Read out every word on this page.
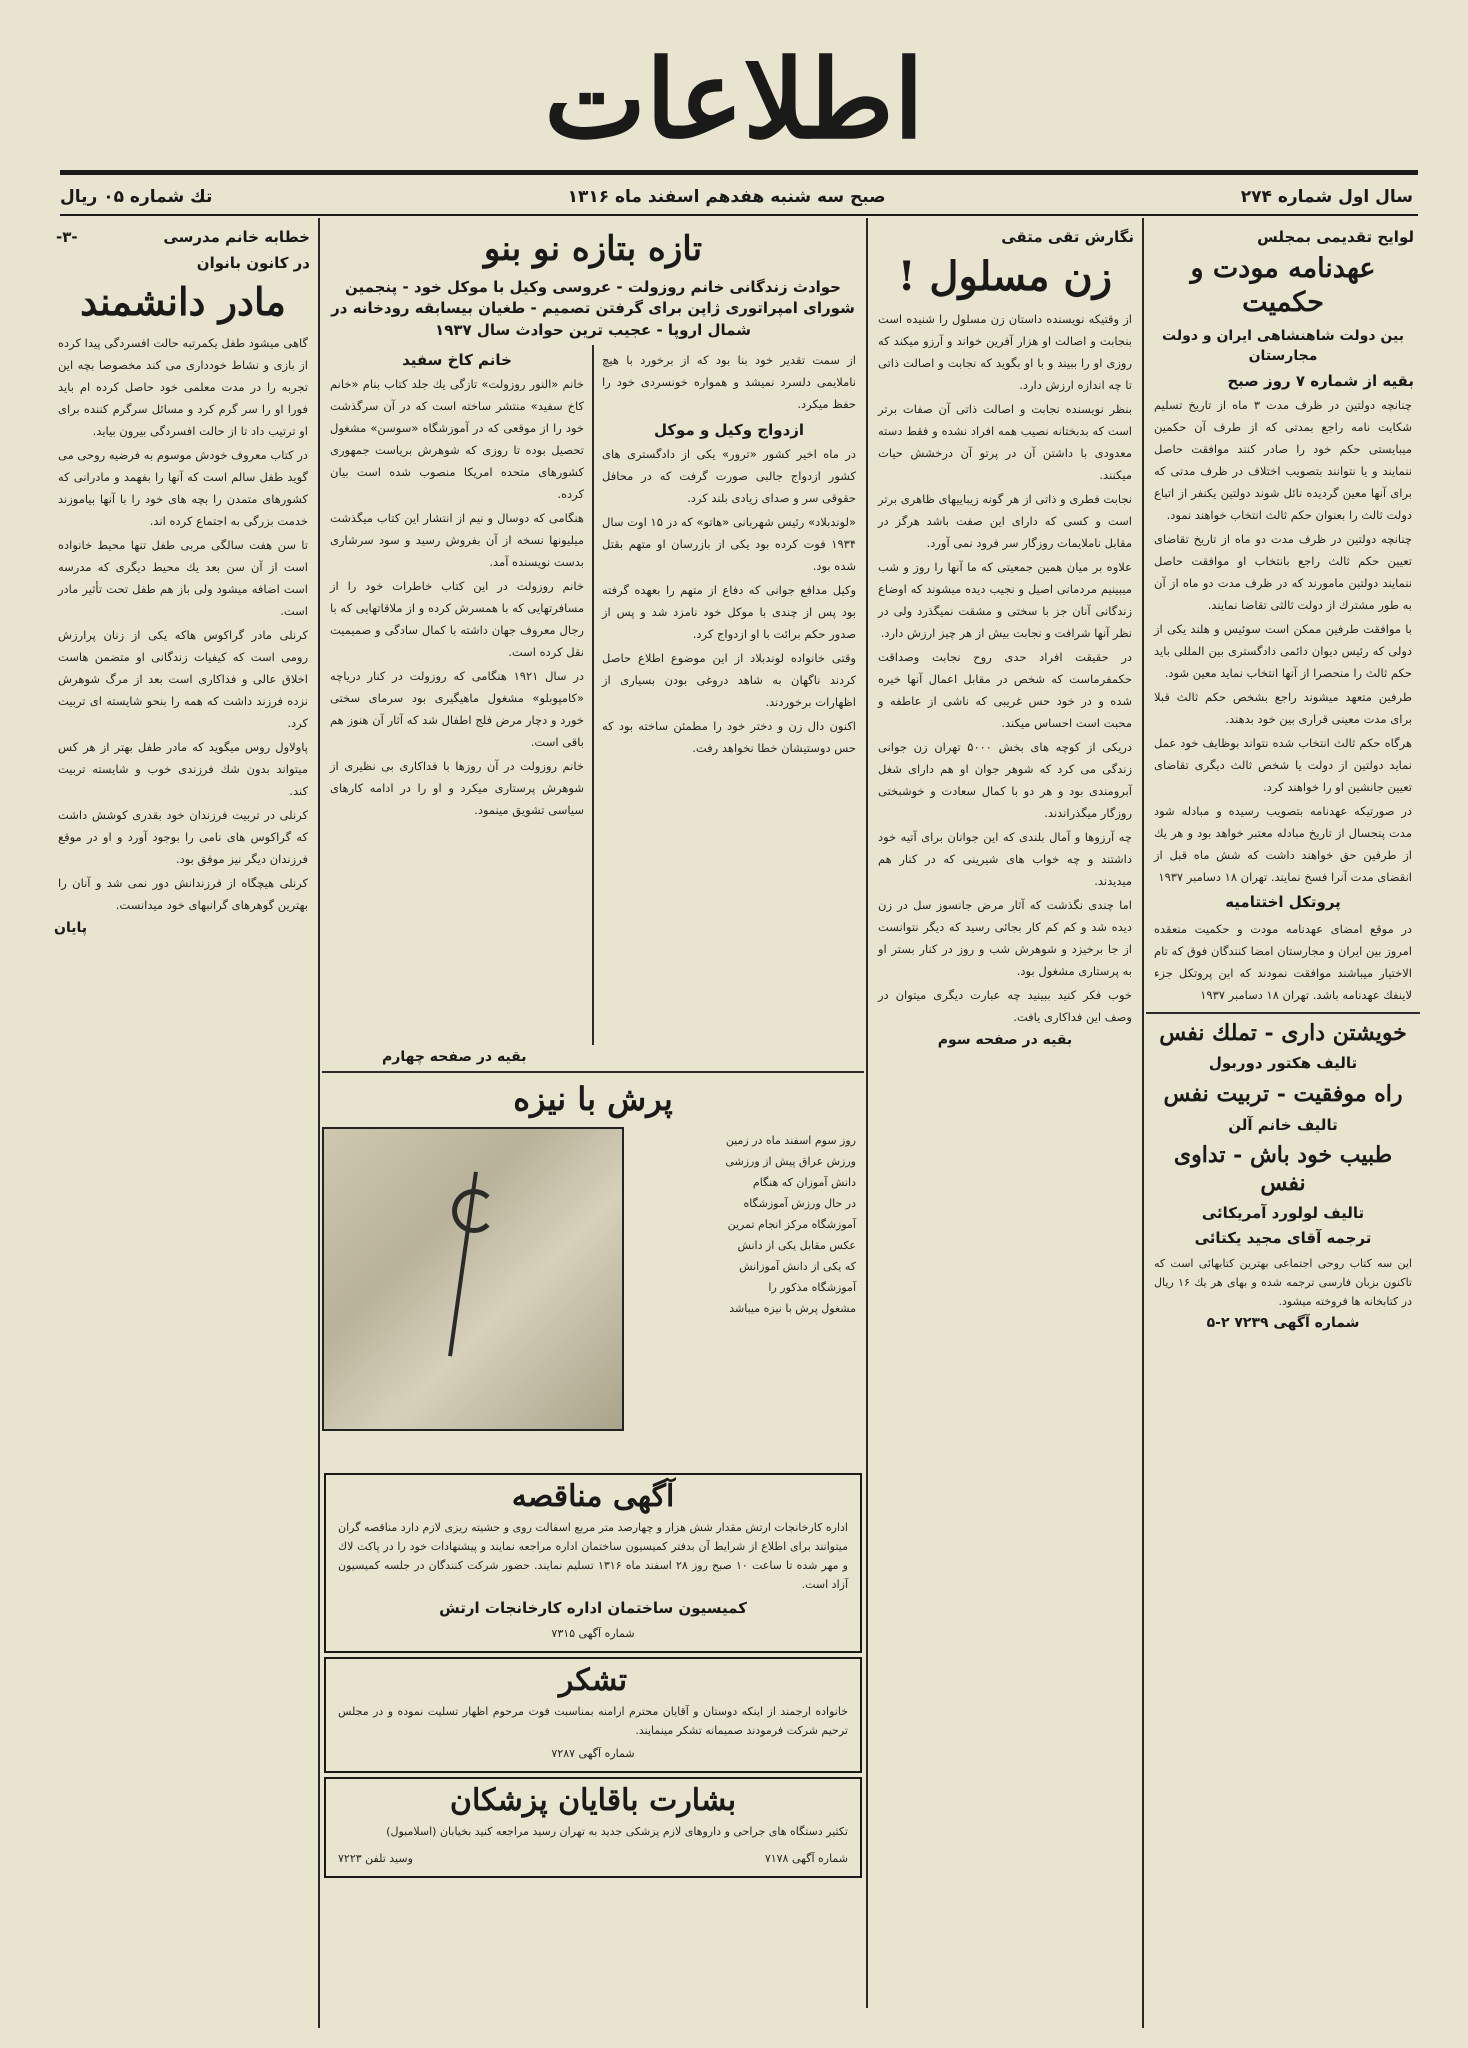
اطلاعات
سال اول شماره ۲۷۴
صبح سه شنبه هفدهم اسفند ماه ۱۳۱۶
تك شماره ۰۵ ریال
لوایح تقدیمی بمجلس
عهدنامه مودت و حکمیت
بین دولت شاهنشاهی ایران و دولت مجارستان
بقیه از شماره ۷ روز صبح

چنانچه دولتین در ظرف مدت ۳ ماه از تاریخ تسلیم شکایت نامه راجع بمدتی که از طرف آن حکمین میبایستی حکم خود را صادر کنند موافقت حاصل ننمایند و یا نتوانند بتصویب اختلاف در ظرف مدتی که برای آنها معین گردیده نائل شوند دولتین یکنفر از اتباع دولت ثالث را بعنوان حکم ثالث انتخاب خواهند نمود.

چنانچه دولتین در ظرف مدت دو ماه از تاریخ تقاضای تعیین حکم ثالث راجع بانتخاب او موافقت حاصل ننمایند دولتین مامورند که در ظرف مدت دو ماه از آن به طور مشترك از دولت ثالثی تقاضا نمایند.

با موافقت طرفین ممکن است سوئیس و هلند یکی از دولی که رئیس دیوان دائمی دادگستری بین المللی باید حکم ثالث را منحصرا از آنها انتخاب نماید معین شود.

طرفین متعهد میشوند راجع بشخص حکم ثالث قبلا برای مدت معینی قراری بین خود بدهند.

هرگاه حکم ثالث انتخاب شده نتواند بوظایف خود عمل نماید دولتین از دولت یا شخص ثالث دیگری تقاضای تعیین جانشین او را خواهند کرد.

در صورتیکه عهدنامه بتصویب رسیده و مبادله شود مدت پنجسال از تاریخ مبادله معتبر خواهد بود و هر یك از طرفین حق خواهند داشت که شش ماه قبل از انقضای مدت آنرا فسخ نمایند. تهران ۱۸ دسامبر ۱۹۳۷

پروتکل اختتامیه

در موقع امضای عهدنامه مودت و حکمیت منعقده امروز بین ایران و مجارستان امضا کنندگان فوق که تام الاختیار میباشند موافقت نمودند که این پروتکل جزء لاینفك عهدنامه باشد. تهران ۱۸ دسامبر ۱۹۳۷

خویشتن داری - تملك نفس
تالیف هکتور دوربول
راه موفقیت - تربیت نفس
تالیف خانم آلن
طبیب خود باش - تداوی نفس
تالیف لولورد آمریکائی
ترجمه آقای مجید یکتائی
این سه کتاب روحی اجتماعی بهترین کتابهائی است که تاکنون بزبان فارسی ترجمه شده و بهای هر یك ۱۶ ریال در کتابخانه ها فروخته میشود.
شماره آگهی ۷۲۳۹ ۲-۵
نگارش تقی متقی
زن مسلول !

از وقتیکه نویسنده داستان زن مسلول را شنیده است بنجابت و اصالت او هزار آفرین خواند و آرزو میکند که روزی او را ببیند و با او بگوید که نجابت و اصالت ذاتی تا چه اندازه ارزش دارد.

بنظر نویسنده نجابت و اصالت ذاتی آن صفات برتر است که بدبختانه نصیب همه افراد نشده و فقط دسته معدودی با داشتن آن در پرتو آن درخشش حیات میکنند.

نجابت فطری و ذاتی از هر گونه زیباییهای ظاهری برتر است و کسی که دارای این صفت باشد هرگز در مقابل ناملایمات روزگار سر فرود نمی آورد.

علاوه بر میان همین جمعیتی که ما آنها را روز و شب میبینیم مردمانی اصیل و نجیب دیده میشوند که اوضاع زندگانی آنان جز با سختی و مشقت نمیگذرد ولی در نظر آنها شرافت و نجابت بیش از هر چیز ارزش دارد.

در حقیقت افراد حدی روح نجابت وصداقت حکمفرماست که شخص در مقابل اعمال آنها خیره شده و در خود حس غریبی که ناشی از عاطفه و محبت است احساس میکند.

دریکی از کوچه های بخش ۵۰۰۰ تهران زن جوانی زندگی می کرد که شوهر جوان او هم دارای شغل آبرومندی بود و هر دو با کمال سعادت و خوشبختی روزگار میگذراندند.

چه آرزوها و آمال بلندی که این جوانان برای آتیه خود داشتند و چه خواب های شیرینی که در کنار هم میدیدند.

اما چندی نگذشت که آثار مرض جانسوز سل در زن دیده شد و کم کم کار بجائی رسید که دیگر نتوانست از جا برخیزد و شوهرش شب و روز در کنار بستر او به پرستاری مشغول بود.

خوب فکر کنید ببینید چه عبارت دیگری میتوان در وصف این فداکاری یافت.

بقیه در صفحه سوم
تازه بتازه نو بنو
حوادث زندگانی خانم روزولت - عروسی وکیل با موکل خود - پنجمین شورای امپراتوری ژاپن برای گرفتن تصمیم - طغیان بیسابقه رودخانه در شمال اروپا - عجیب ترین حوادث سال ۱۹۳۷
از سمت تقدیر خود بنا بود که از برخورد با هیچ ناملایمی دلسرد نمیشد و همواره خونسردی خود را حفظ میکرد.
ازدواج وکیل و موکل

در ماه اخیر کشور «ترور» یکی از دادگستری های کشور ازدواج جالبی صورت گرفت که در محافل حقوقی سر و صدای زیادی بلند کرد.

«لوندبلاد» رئیس شهربانی «هاتو» که در ۱۵ اوت سال ۱۹۳۴ فوت کرده بود یکی از بازرسان او متهم بقتل شده بود.

وکیل مدافع جوانی که دفاع از متهم را بعهده گرفته بود پس از چندی با موکل خود نامزد شد و پس از صدور حکم برائت با او ازدواج کرد.

وقتی خانواده لوندبلاد از این موضوع اطلاع حاصل کردند ناگهان به شاهد دروغی بودن بسیاری از اظهارات برخوردند.

اکنون دال زن و دختر خود را مطمئن ساخته بود که حس دوستیشان خطا نخواهد رفت.

خانم کاخ سفید

خانم «النور روزولت» تازگی یك جلد کتاب بنام «خانم کاخ سفید» منتشر ساخته است که در آن سرگذشت خود را از موقعی که در آموزشگاه «سوسن» مشغول تحصیل بوده تا روزی که شوهرش بریاست جمهوری کشورهای متحده امریکا منصوب شده است بیان کرده.

هنگامی که دوسال و نیم از انتشار این کتاب میگذشت میلیونها نسخه از آن بفروش رسید و سود سرشاری بدست نویسنده آمد.

خانم روزولت در این کتاب خاطرات خود را از مسافرتهایی که با همسرش کرده و از ملاقاتهایی که با رجال معروف جهان داشته با کمال سادگی و صمیمیت نقل کرده است.

در سال ۱۹۲۱ هنگامی که روزولت در کنار دریاچه «کامپوبلو» مشغول ماهیگیری بود سرمای سختی خورد و دچار مرض فلج اطفال شد که آثار آن هنوز هم باقی است.

خانم روزولت در آن روزها با فداکاری بی نظیری از شوهرش پرستاری میکرد و او را در ادامه کارهای سیاسی تشویق مینمود.

بقیه در صفحه چهارم
پرش با نیزه

روز سوم اسفند ماه در زمین

ورزش عراق پیش از ورزشی

دانش آموزان که هنگام

در حال ورزش آموزشگاه

آموزشگاه مرکز انجام تمرین

عکس مقابل یکی از دانش

که یکی از دانش آموزانش

آموزشگاه مذکور را

مشغول پرش با نیزه میباشد

آگهی مناقصه
اداره کارخانجات ارتش مقدار شش هزار و چهارصد متر مربع اسفالت روی و حشیته ریزی لازم دارد مناقصه گران میتوانند برای اطلاع از شرایط آن بدفتر کمیسیون ساختمان اداره مراجعه نمایند و پیشنهادات خود را در پاکت لاك و مهر شده تا ساعت ۱۰ صبح روز ۲۸ اسفند ماه ۱۳۱۶ تسلیم نمایند. حضور شرکت کنندگان در جلسه کمیسیون آزاد است.
کمیسیون ساختمان اداره کارخانجات ارتش
شماره آگهی ۷۳۱۵
تشکر
خانواده ارجمند از اینکه دوستان و آقایان محترم ارامنه بمناسبت فوت مرحوم اظهار تسلیت نموده و در مجلس ترحیم شرکت فرمودند صمیمانه تشکر مینمایند.
شماره آگهی ۷۲۸۷
بشارت باقایان پزشکان
تکثیر دستگاه های جراحی و داروهای لازم پزشکی جدید به تهران رسید مراجعه کنید بخیابان (اسلامبول)
شماره آگهی ۷۱۷۸
وسید تلفن ۷۲۲۳
خطابه خانم مدرسی
-۳-
در کانون بانوان
مادر دانشمند

گاهی میشود طفل یکمرتبه حالت افسردگی پیدا کرده از بازی و نشاط خودداری می کند مخصوصا بچه این تجربه را در مدت معلمی خود حاصل کرده ام باید فورا او را سر گرم کرد و مسائل سرگرم کننده برای او ترتیب داد تا از حالت افسردگی بیرون بیاید.

در کتاب معروف خودش موسوم به فرضیه روحی می گوید طفل سالم است که آنها را بفهمد و مادرانی که کشورهای متمدن را بچه های خود را با آنها بیاموزند خدمت بزرگی به اجتماع کرده اند.

تا سن هفت سالگی مربی طفل تنها محیط خانواده است از آن سن بعد یك محیط دیگری که مدرسه است اضافه میشود ولی باز هم طفل تحت تأثیر مادر است.

کرنلی مادر گراکوس هاکه یکی از زنان پرارزش رومی است که کیفیات زندگانی او متضمن هاست اخلاق عالی و فداکاری است بعد از مرگ شوهرش نزده فرزند داشت که همه را بنحو شایسته ای تربیت کرد.

پاولاول روس میگوید که مادر طفل بهتر از هر کس میتواند بدون شك فرزندی خوب و شایسته تربیت کند.

کرنلی در تربیت فرزندان خود بقدری کوشش داشت که گراکوس های نامی را بوجود آورد و او در موقع فرزندان دیگر نیز موفق بود.

کرنلی هیچگاه از فرزندانش دور نمی شد و آنان را بهترین گوهرهای گرانبهای خود میدانست.

پایان
